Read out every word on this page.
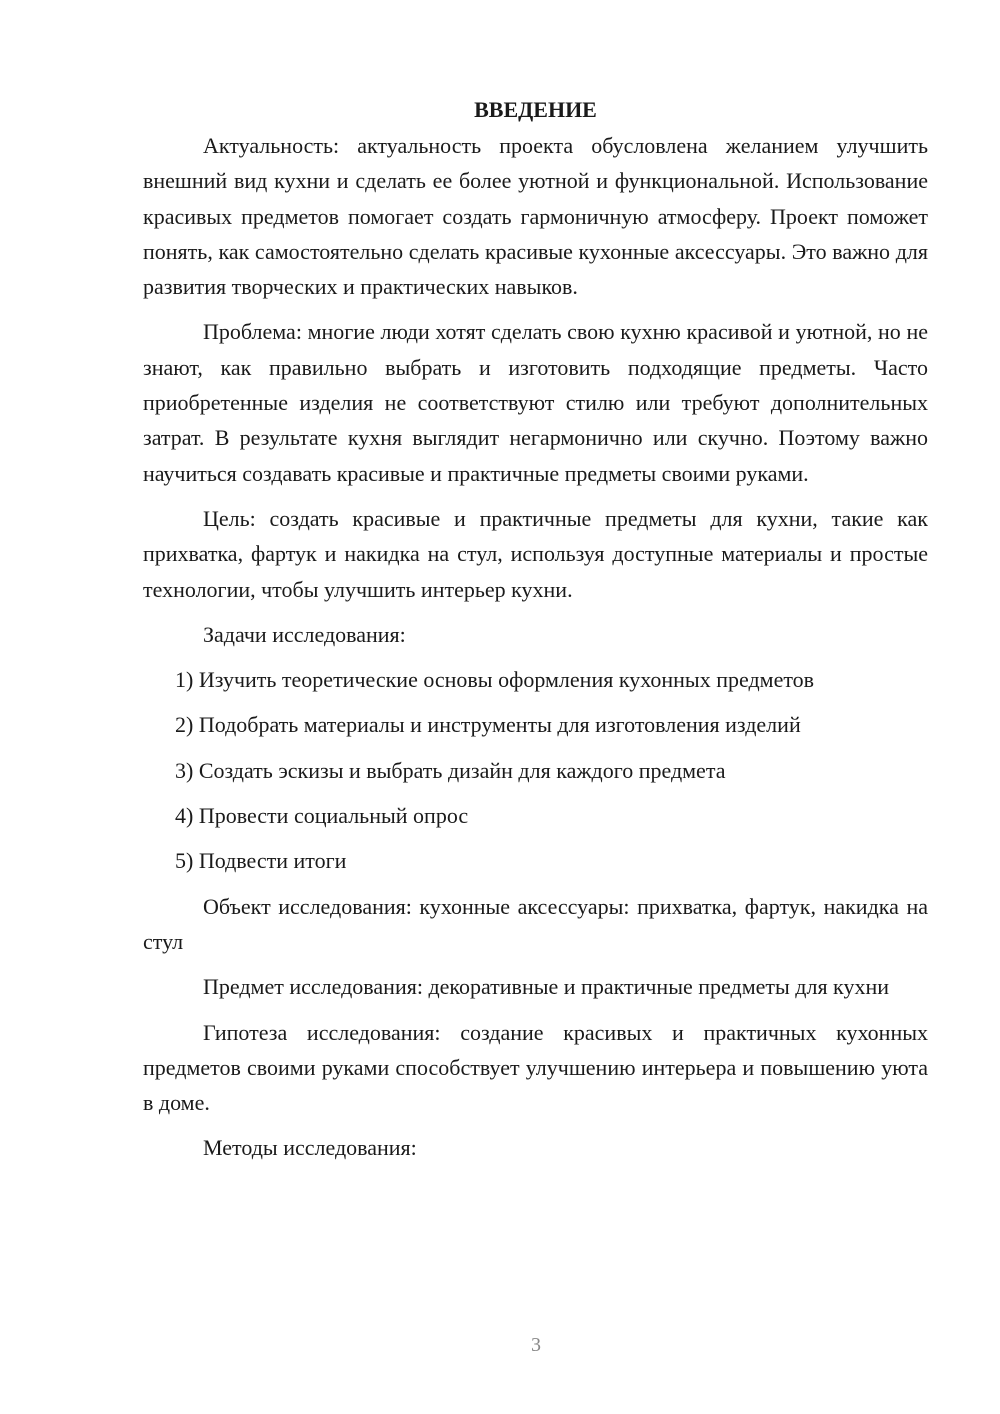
ВВЕДЕНИЕ

Актуальность: актуальность проекта обусловлена желанием улучшить внешний вид кухни и сделать ее более уютной и функциональной. Использование красивых предметов помогает создать гармоничную атмосферу. Проект поможет понять, как самостоятельно сделать красивые кухонные аксессуары. Это важно для развития творческих и практических навыков.

Проблема: многие люди хотят сделать свою кухню красивой и уютной, но не знают, как правильно выбрать и изготовить подходящие предметы. Часто приобретенные изделия не соответствуют стилю или требуют дополнительных затрат. В результате кухня выглядит негармонично или скучно. Поэтому важно научиться создавать красивые и практичные предметы своими руками.

Цель: создать красивые и практичные предметы для кухни, такие как прихватка, фартук и накидка на стул, используя доступные материалы и простые технологии, чтобы улучшить интерьер кухни.

Задачи исследования:

1) Изучить теоретические основы оформления кухонных предметов
2) Подобрать материалы и инструменты для изготовления изделий
3) Создать эскизы и выбрать дизайн для каждого предмета
4) Провести социальный опрос
5) Подвести итоги

Объект исследования: кухонные аксессуары: прихватка, фартук, накидка на стул

Предмет исследования: декоративные и практичные предметы для кухни

Гипотеза исследования: создание красивых и практичных кухонных предметов своими руками способствует улучшению интерьера и повышению уюта в доме.

Методы исследования:

3
